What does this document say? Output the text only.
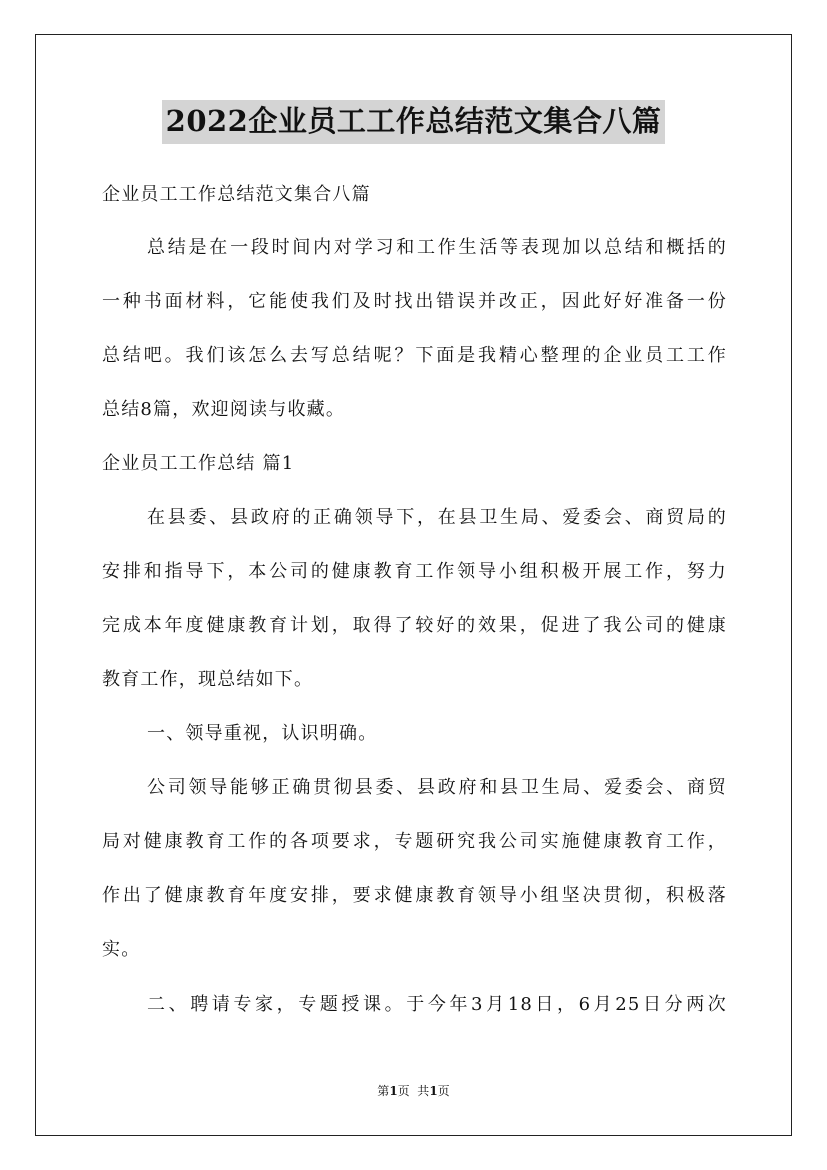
2022企业员工工作总结范文集合八篇
企业员工工作总结范文集合八篇
总结是在一段时间内对学习和工作生活等表现加以总结和概括的
一种书面材料，它能使我们及时找出错误并改正，因此好好准备一份
总结吧。我们该怎么去写总结呢？下面是我精心整理的企业员工工作
总结8篇，欢迎阅读与收藏。
企业员工工作总结 篇1
在县委、县政府的正确领导下，在县卫生局、爱委会、商贸局的
安排和指导下，本公司的健康教育工作领导小组积极开展工作，努力
完成本年度健康教育计划，取得了较好的效果，促进了我公司的健康
教育工作，现总结如下。
一、领导重视，认识明确。
公司领导能够正确贯彻县委、县政府和县卫生局、爱委会、商贸
局对健康教育工作的各项要求，专题研究我公司实施健康教育工作，
作出了健康教育年度安排，要求健康教育领导小组坚决贯彻，积极落
实。
二、聘请专家，专题授课。于今年3月18日，6月25日分两次
第1页  共1页
